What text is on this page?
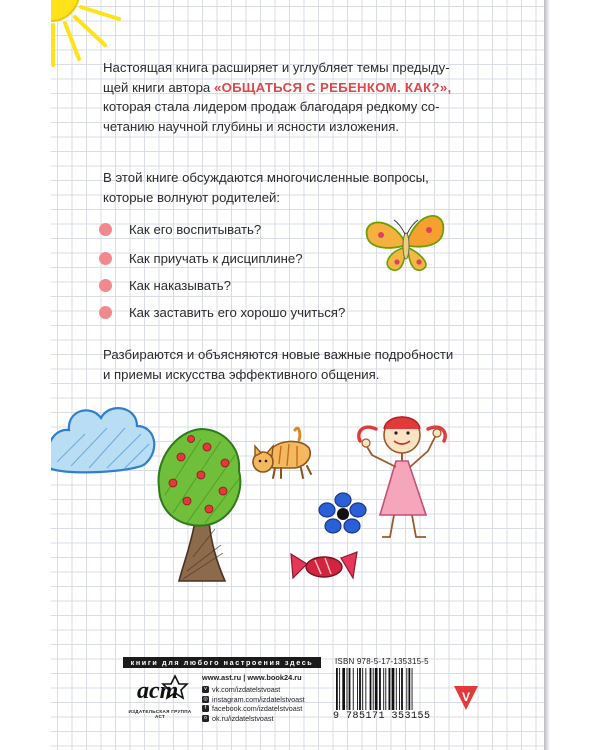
Настоящая книга расширяет и углубляет темы предыду-
щей книги автора «ОБЩАТЬСЯ С РЕБЕНКОМ. КАК?»,
которая стала лидером продаж благодаря редкому со-
четанию научной глубины и ясности изложения.

В этой книге обсуждаются многочисленные вопросы,
которые волнуют родителей:

Как его воспитывать?
Как приучать к дисциплине?
Как наказывать?
Как заставить его хорошо учиться?

Разбираются и объясняются новые важные подробности
и приемы искусства эффективного общения.

книги для любого настроения здесь
аст
ИЗДАТЕЛЬСКАЯ ГРУППА АСТ
www.ast.ru | www.book24.ru
v vk.com/izdatelstvoast
◎ instagram.com/izdatelstvoast
f facebook.com/izdatelstvoast
о ok.ru/izdatelstvoast
ISBN 978-5-17-135315-5
9 785171 353155
V
